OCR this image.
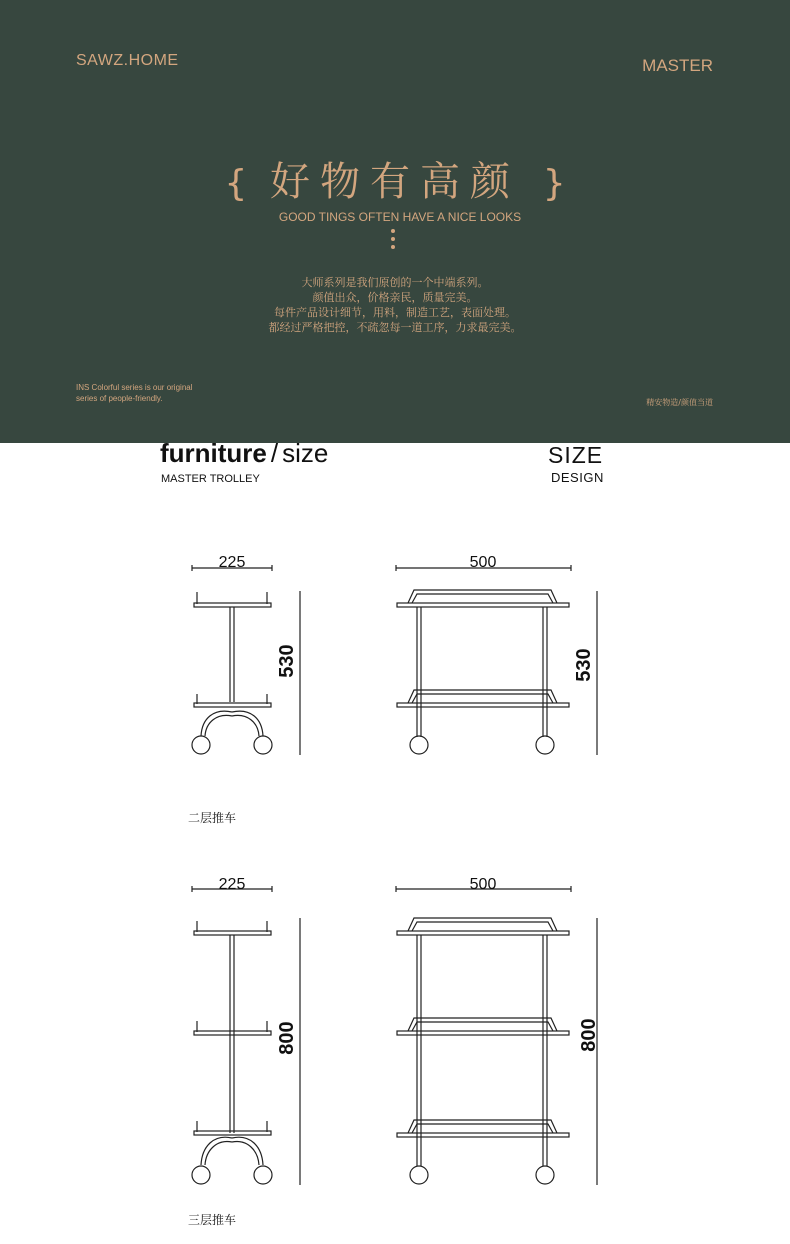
SAWZ.HOME	MASTER
{ 好物有高颜 }
GOOD TINGS OFTEN HAVE A NICE LOOKS
大师系列是我们原创的一个中端系列。
颜值出众，价格亲民，质量完美。
每件产品设计细节，用料，制造工艺，表面处理。
都经过严格把控，不疏忽每一道工序，力求最完美。
INS Colorful series is our original
series of people-friendly.	精安物造/颜值当道
furniture / size
MASTER TROLLEY
SIZE
DESIGN
225	500
530	530
二层推车
225	500
800	800
三层推车
